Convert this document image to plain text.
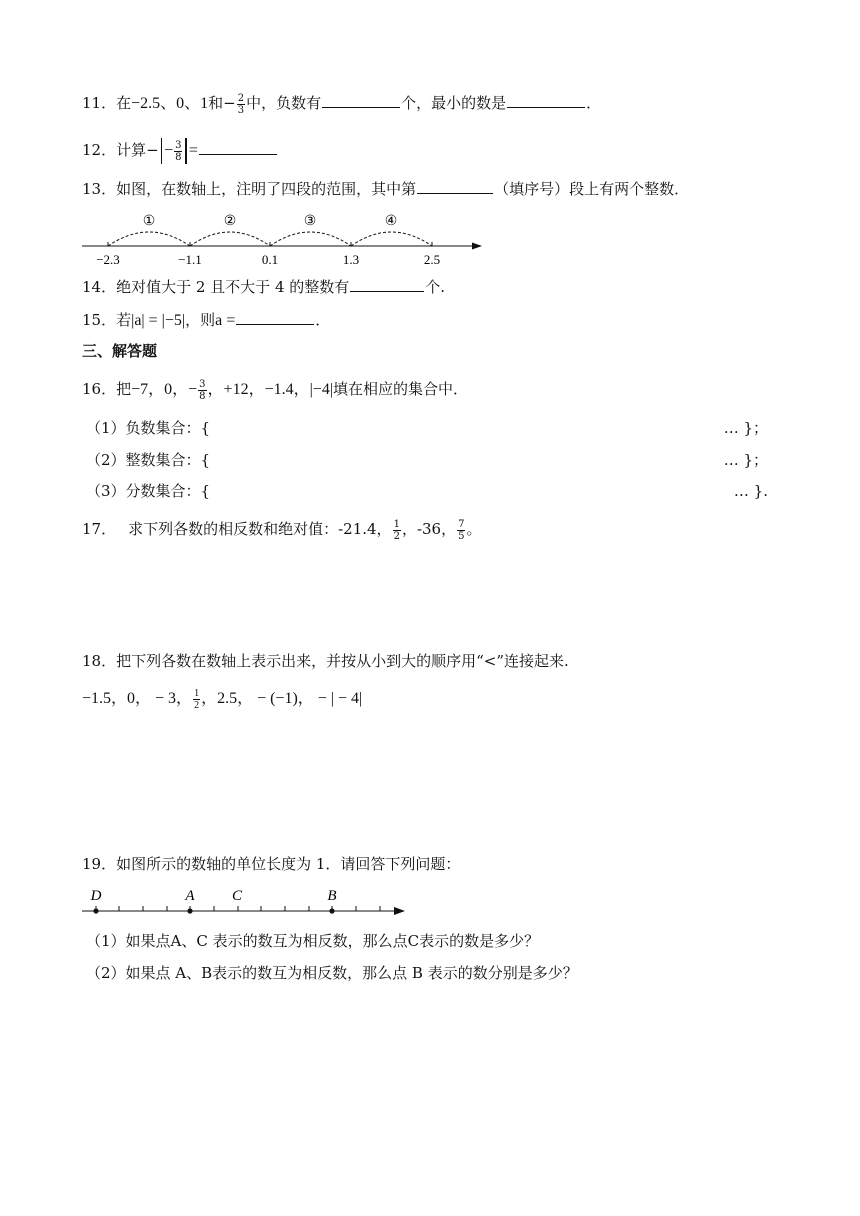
11．在−2.5、0、1和− $\frac{2}{3}$ 中，负数有	个，最小的数是	．
12．计算− − $\frac{3}{8}$ =
13．如图，在数轴上，注明了四段的范围，其中第	（填序号）段上有两个整数．
①	②	③	④
−2.3	−1.1	0.1	1.3	2.5
14．绝对值大于 2 且不大于 4 的整数有	个.
15．若|a| = |−5|，则a =	．
三、解答题
16．把−7，0，− $\frac{3}{8}$ ，+12，−1.4，|−4|填在相应的集合中．
（1）负数集合：{	… }；
（2）整数集合：{	… }；
（3）分数集合：{	… }.
17． 求下列各数的相反数和绝对值：-21.4， $\frac{1}{2}$ ，-36， $\frac{7}{5}$ 。
18．把下列各数在数轴上表示出来，并按从小到大的顺序用“<”连接起来.
−1.5，0， − 3， $\frac{1}{2}$ ，2.5， − (−1)， − | − 4|
19．如图所示的数轴的单位长度为 1．请回答下列问题：
D	A C	B
（1）如果点A、C 表示的数互为相反数，那么点C表示的数是多少？
（2）如果点 A、B表示的数互为相反数，那么点 B 表示的数分别是多少？
